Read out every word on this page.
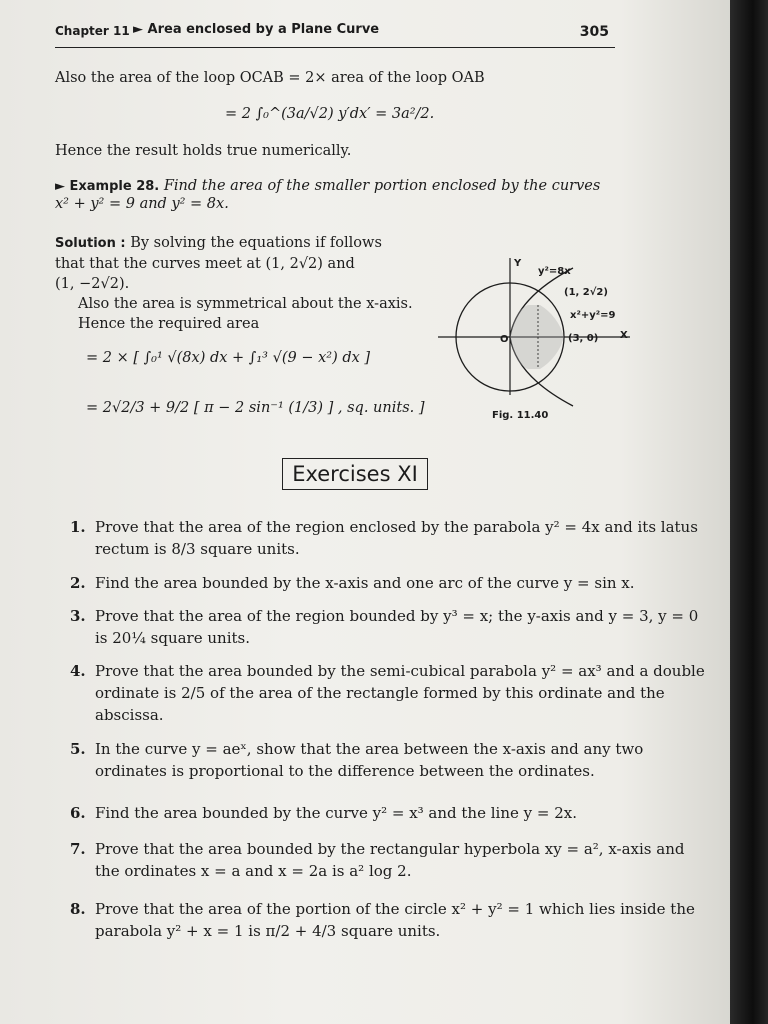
Chapter 11 ► Area enclosed by a Plane Curve	305
Also the area of the loop OCAB = 2× area of the loop OAB
= 2 ∫₀^(3a/√2) y′dx′ = 3a²/2.
Hence the result holds true numerically.
► Example 28. Find the area of the smaller portion enclosed by the curves
x² + y² = 9 and y² = 8x.
Solution : By solving the equations if follows
that that the curves meet at (1, 2√2) and
(1, −2√2).
Also the area is symmetrical about the x-axis.
Hence the required area
= 2 × [ ∫₀¹ √(8x) dx + ∫₁³ √(9 − x²) dx ]
= 2√2/3 + 9/2 [ π − 2 sin⁻¹ (1/3) ] , sq. units. ]
Y
X
O
y²=8x
(1, 2√2)
x²+y²=9
(3, 0)
Fig. 11.40
Exercises XI
1. Prove that the area of the region enclosed by the parabola y² = 4x and its latus rectum is 8/3 square units.
2. Find the area bounded by the x-axis and one arc of the curve y = sin x.
3. Prove that the area of the region bounded by y³ = x; the y-axis and y = 3, y = 0 is 20¼ square units.
4. Prove that the area bounded by the semi-cubical parabola y² = ax³ and a double ordinate is 2/5 of the area of the rectangle formed by this ordinate and the abscissa.
5. In the curve y = aeˣ, show that the area between the x-axis and any two ordinates is proportional to the difference between the ordinates.
6. Find the area bounded by the curve y² = x³ and the line y = 2x.
7. Prove that the area bounded by the rectangular hyperbola xy = a², x-axis and the ordinates x = a and x = 2a is a² log 2.
8. Prove that the area of the portion of the circle x² + y² = 1 which lies inside the parabola y² + x = 1 is π/2 + 4/3 square units.
